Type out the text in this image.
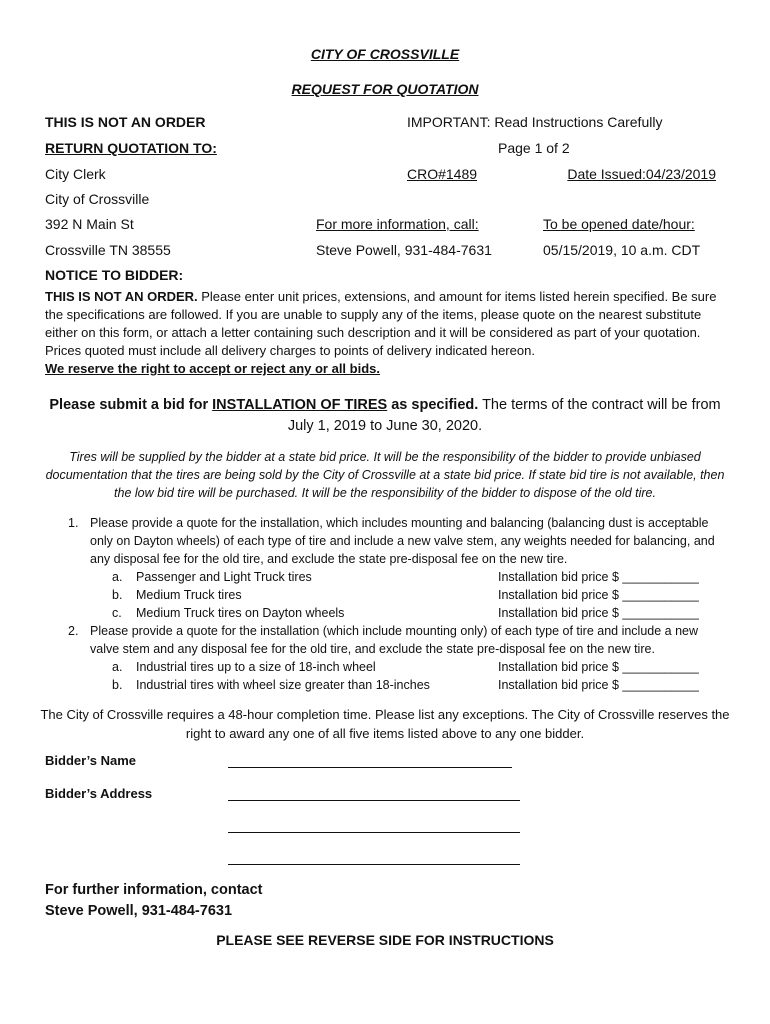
CITY OF CROSSVILLE
REQUEST FOR QUOTATION
THIS IS NOT AN ORDER	IMPORTANT: Read Instructions Carefully
RETURN QUOTATION TO:	Page 1 of 2
City Clerk	CRO#1489	Date Issued:04/23/2019
City of Crossville
392 N Main St	For more information, call:	To be opened date/hour:
Crossville TN 38555	Steve Powell, 931-484-7631	05/15/2019, 10 a.m. CDT
NOTICE TO BIDDER:
THIS IS NOT AN ORDER. Please enter unit prices, extensions, and amount for items listed herein specified. Be sure the specifications are followed. If you are unable to supply any of the items, please quote on the nearest substitute either on this form, or attach a letter containing such description and it will be considered as part of your quotation. Prices quoted must include all delivery charges to points of delivery indicated hereon.
We reserve the right to accept or reject any or all bids.
Please submit a bid for INSTALLATION OF TIRES as specified. The terms of the contract will be from July 1, 2019 to June 30, 2020.
Tires will be supplied by the bidder at a state bid price. It will be the responsibility of the bidder to provide unbiased documentation that the tires are being sold by the City of Crossville at a state bid price. If state bid tire is not available, then the low bid tire will be purchased. It will be the responsibility of the bidder to dispose of the old tire.
1. Please provide a quote for the installation, which includes mounting and balancing (balancing dust is acceptable only on Dayton wheels) of each type of tire and include a new valve stem, any weights needed for balancing, and any disposal fee for the old tire, and exclude the state pre-disposal fee on the new tire.
a. Passenger and Light Truck tires	Installation bid price $ ___________
b. Medium Truck tires	Installation bid price $ ___________
c. Medium Truck tires on Dayton wheels	Installation bid price $ ___________
2. Please provide a quote for the installation (which include mounting only) of each type of tire and include a new valve stem and any disposal fee for the old tire, and exclude the state pre-disposal fee on the new tire.
a. Industrial tires up to a size of 18-inch wheel	Installation bid price $ ___________
b. Industrial tires with wheel size greater than 18-inches	Installation bid price $ ___________
The City of Crossville requires a 48-hour completion time. Please list any exceptions. The City of Crossville reserves the right to award any one of all five items listed above to any one bidder.
Bidder’s Name
Bidder’s Address
For further information, contact
Steve Powell, 931-484-7631
PLEASE SEE REVERSE SIDE FOR INSTRUCTIONS
